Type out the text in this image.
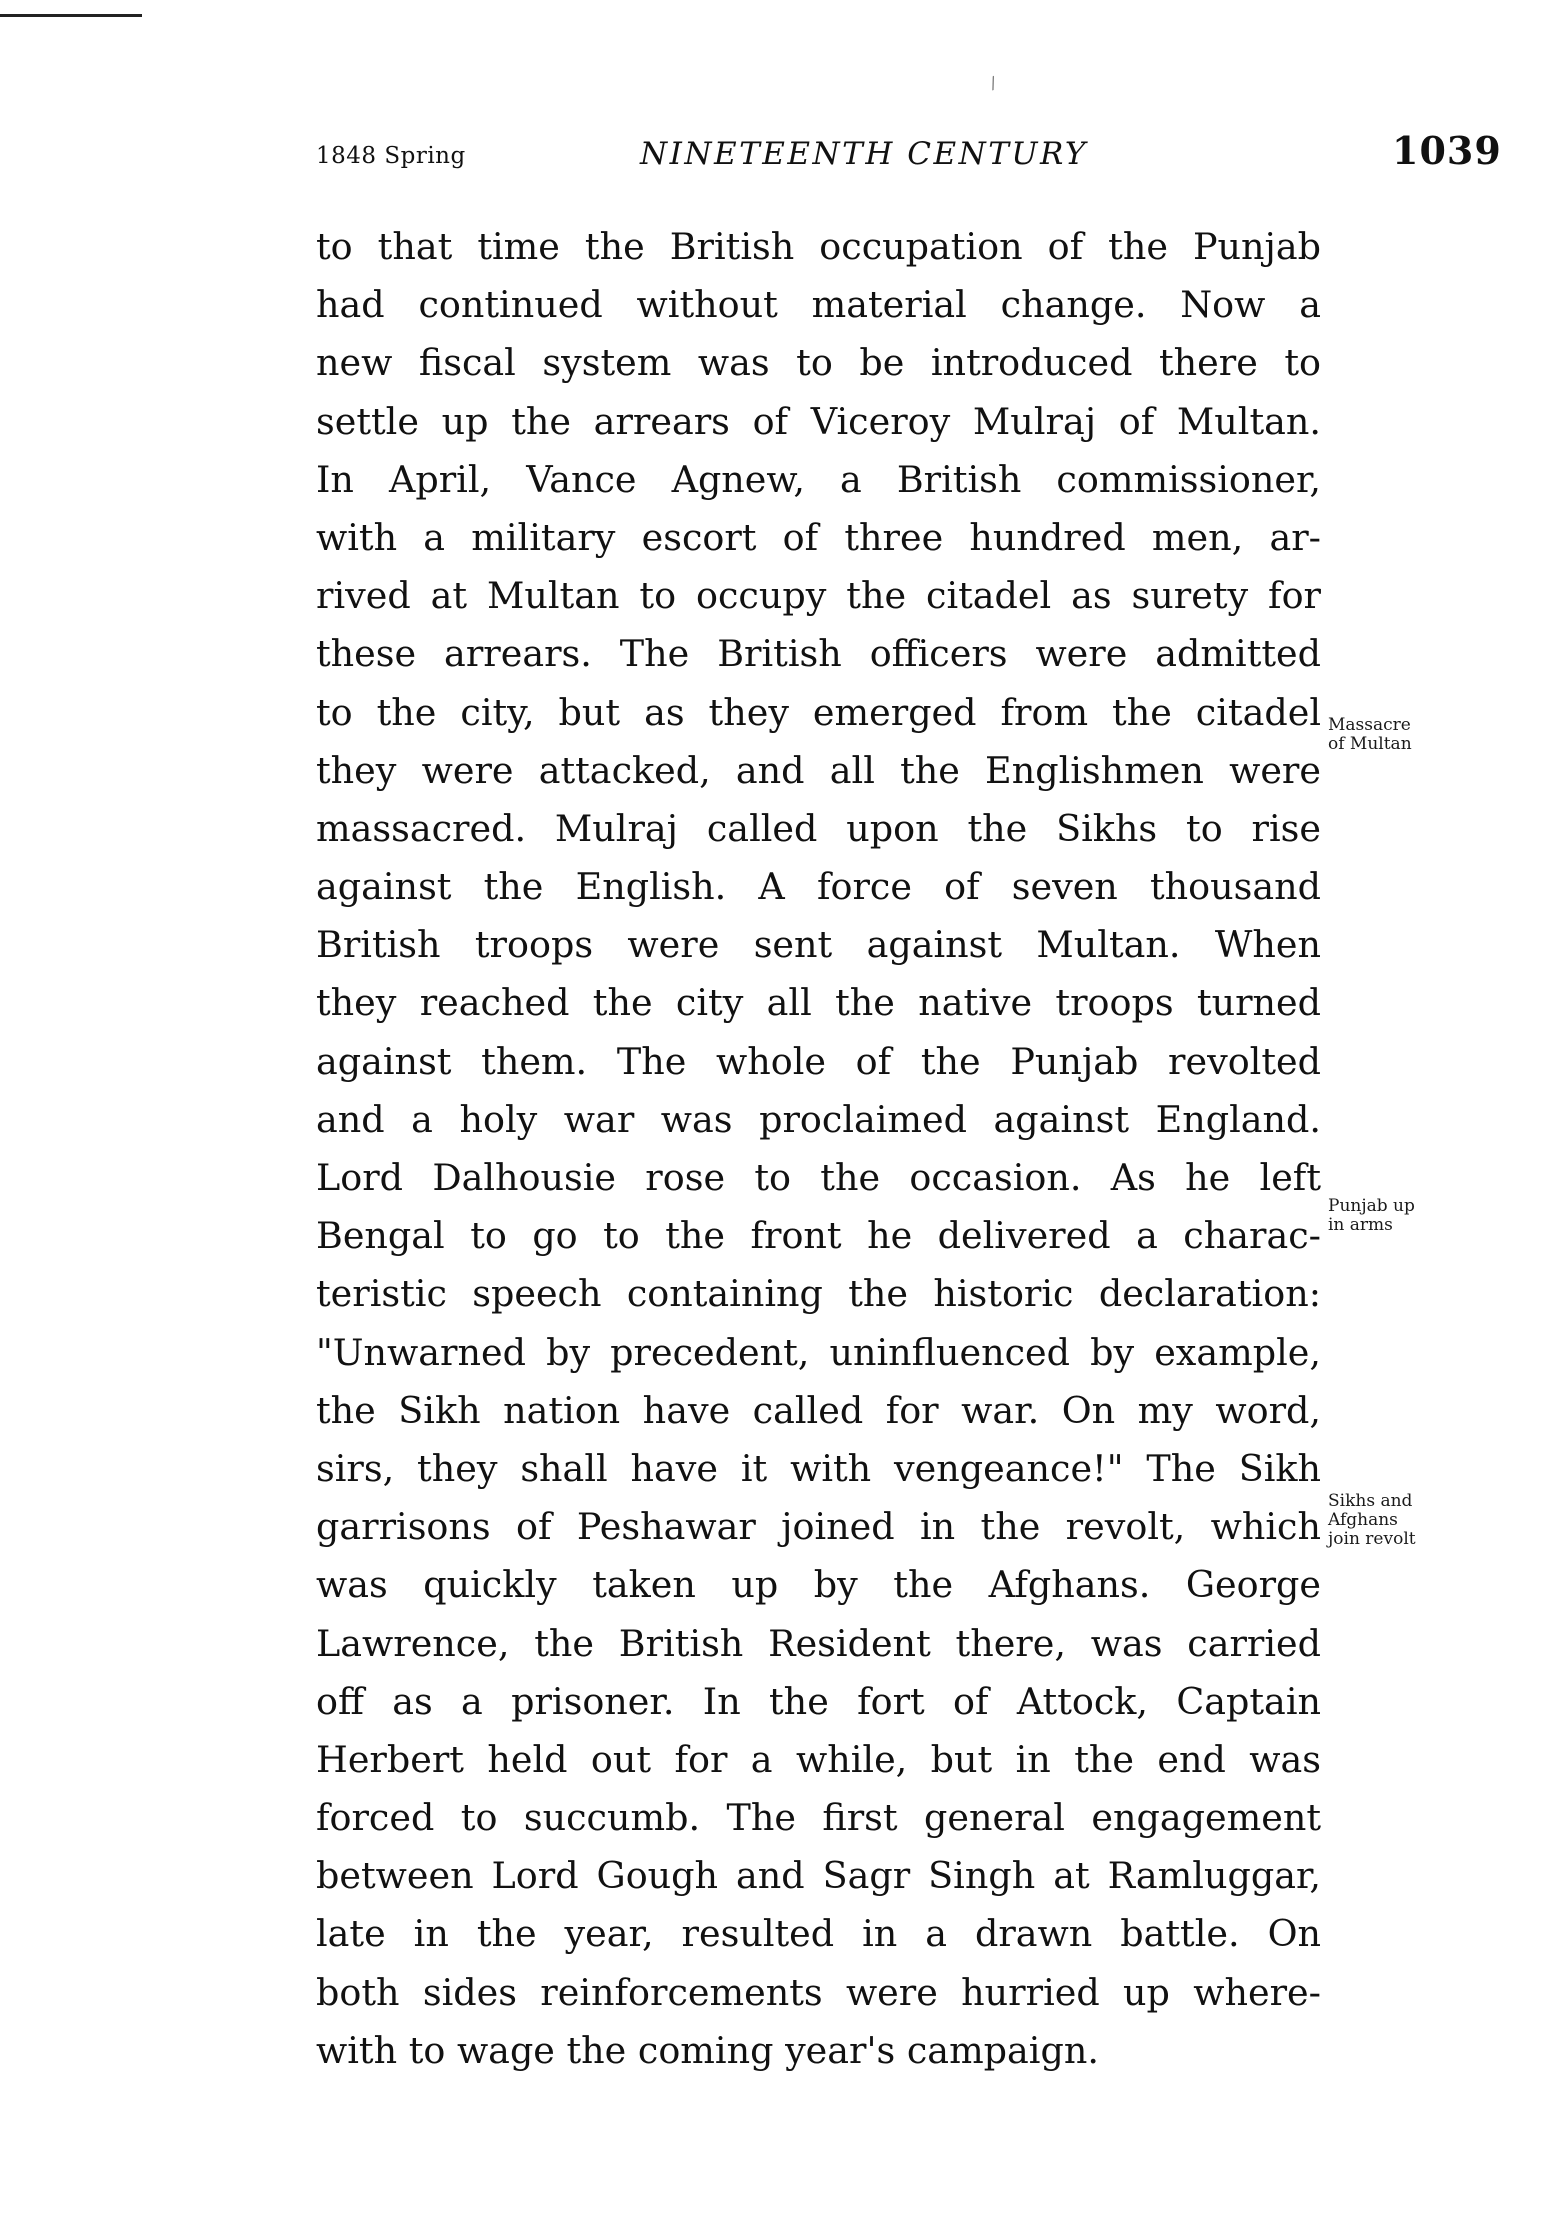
⁄
1848 Spring	NINETEENTH CENTURY	1039
to that time the British occupation of the Punjab
had continued without material change. Now a
new fiscal system was to be introduced there to
settle up the arrears of Viceroy Mulraj of Multan.
In April, Vance Agnew, a British commissioner,
with a military escort of three hundred men, ar-
rived at Multan to occupy the citadel as surety for
these arrears. The British officers were admitted
to the city, but as they emerged from the citadel
they were attacked, and all the Englishmen were
massacred. Mulraj called upon the Sikhs to rise
against the English. A force of seven thousand
British troops were sent against Multan. When
they reached the city all the native troops turned
against them. The whole of the Punjab revolted
and a holy war was proclaimed against England.
Lord Dalhousie rose to the occasion. As he left
Bengal to go to the front he delivered a charac-
teristic speech containing the historic declaration:
"Unwarned by precedent, uninfluenced by example,
the Sikh nation have called for war. On my word,
sirs, they shall have it with vengeance!" The Sikh
garrisons of Peshawar joined in the revolt, which
was quickly taken up by the Afghans. George
Lawrence, the British Resident there, was carried
off as a prisoner. In the fort of Attock, Captain
Herbert held out for a while, but in the end was
forced to succumb. The first general engagement
between Lord Gough and Sagr Singh at Ramluggar,
late in the year, resulted in a drawn battle. On
both sides reinforcements were hurried up where-
with to wage the coming year's campaign.
Massacre
of Multan
Punjab up
in arms
Sikhs and
Afghans
join revolt
